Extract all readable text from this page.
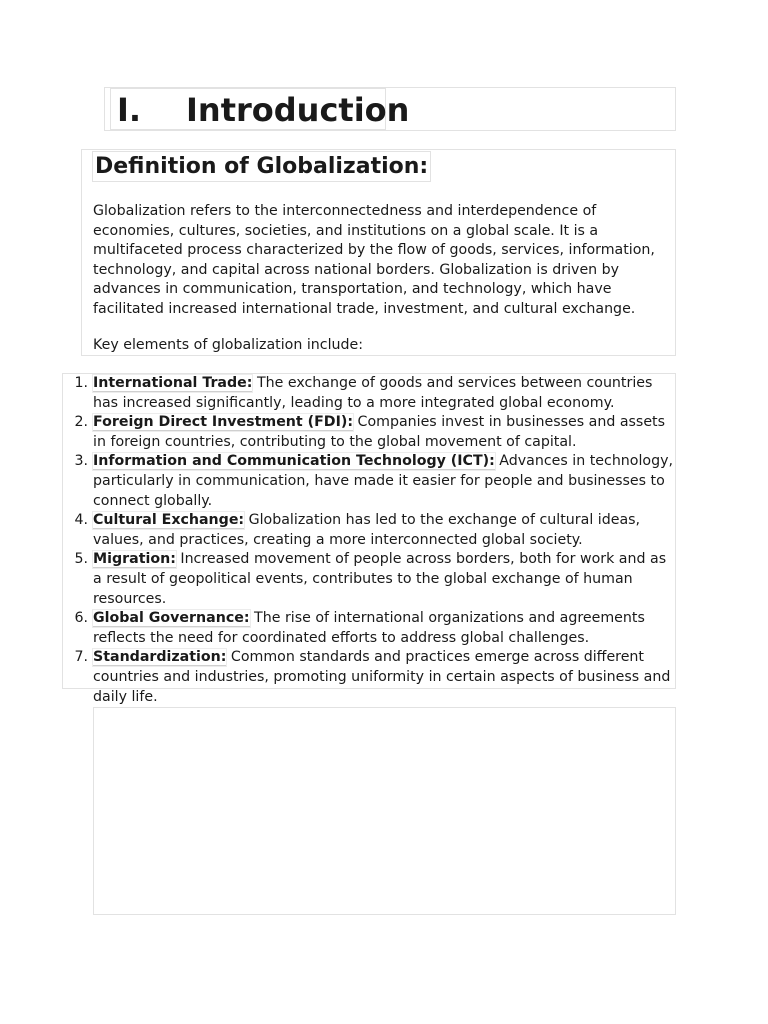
I. Introduction
Definition of Globalization:

Globalization refers to the interconnectedness and interdependence of economies, cultures, societies, and institutions on a global scale. It is a multifaceted process characterized by the flow of goods, services, information, technology, and capital across national borders. Globalization is driven by advances in communication, transportation, and technology, which have facilitated increased international trade, investment, and cultural exchange.

Key elements of globalization include:

1. International Trade: The exchange of goods and services between countries has increased significantly, leading to a more integrated global economy.
2. Foreign Direct Investment (FDI): Companies invest in businesses and assets in foreign countries, contributing to the global movement of capital.
3. Information and Communication Technology (ICT): Advances in technology, particularly in communication, have made it easier for people and businesses to connect globally.
4. Cultural Exchange: Globalization has led to the exchange of cultural ideas, values, and practices, creating a more interconnected global society.
5. Migration: Increased movement of people across borders, both for work and as a result of geopolitical events, contributes to the global exchange of human resources.
6. Global Governance: The rise of international organizations and agreements reflects the need for coordinated efforts to address global challenges.
7. Standardization: Common standards and practices emerge across different countries and industries, promoting uniformity in certain aspects of business and daily life.
